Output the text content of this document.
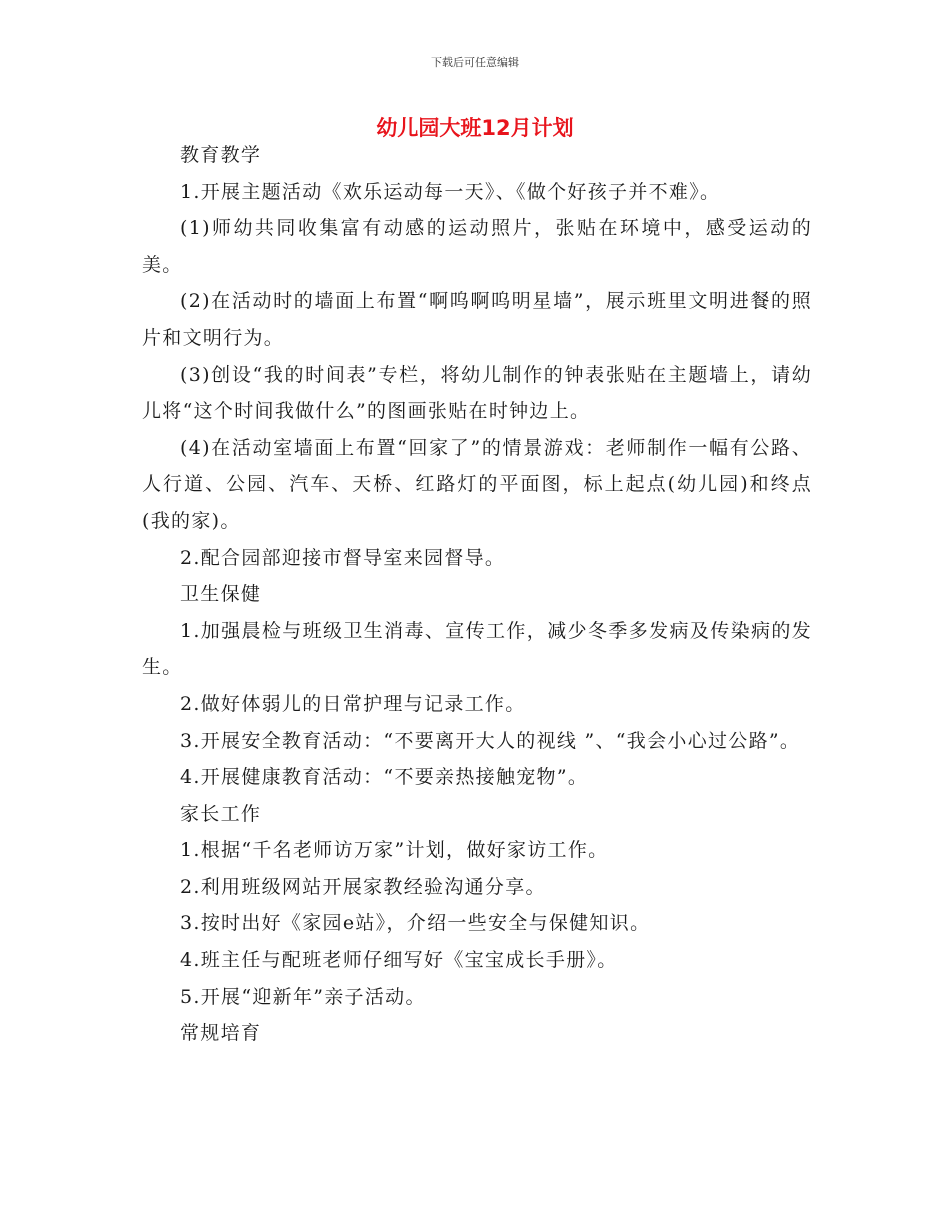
下载后可任意编辑
幼儿园大班12月计划

教育教学

1.开展主题活动《欢乐运动每一天》、《做个好孩子并不难》。

(1)师幼共同收集富有动感的运动照片，张贴在环境中，感受运动的美。

(2)在活动时的墙面上布置“啊呜啊呜明星墙”，展示班里文明进餐的照片和文明行为。

(3)创设“我的时间表”专栏，将幼儿制作的钟表张贴在主题墙上，请幼儿将“这个时间我做什么”的图画张贴在时钟边上。

(4)在活动室墙面上布置“回家了”的情景游戏：老师制作一幅有公路、人行道、公园、汽车、天桥、红路灯的平面图，标上起点(幼儿园)和终点(我的家)。

2.配合园部迎接市督导室来园督导。

卫生保健

1.加强晨检与班级卫生消毒、宣传工作，减少冬季多发病及传染病的发生。

2.做好体弱儿的日常护理与记录工作。

3.开展安全教育活动：“不要离开大人的视线 ”、“我会小心过公路”。

4.开展健康教育活动：“不要亲热接触宠物”。

家长工作

1.根据“千名老师访万家”计划，做好家访工作。

2.利用班级网站开展家教经验沟通分享。

3.按时出好《家园e站》，介绍一些安全与保健知识。

4.班主任与配班老师仔细写好《宝宝成长手册》。

5.开展“迎新年”亲子活动。

常规培育
